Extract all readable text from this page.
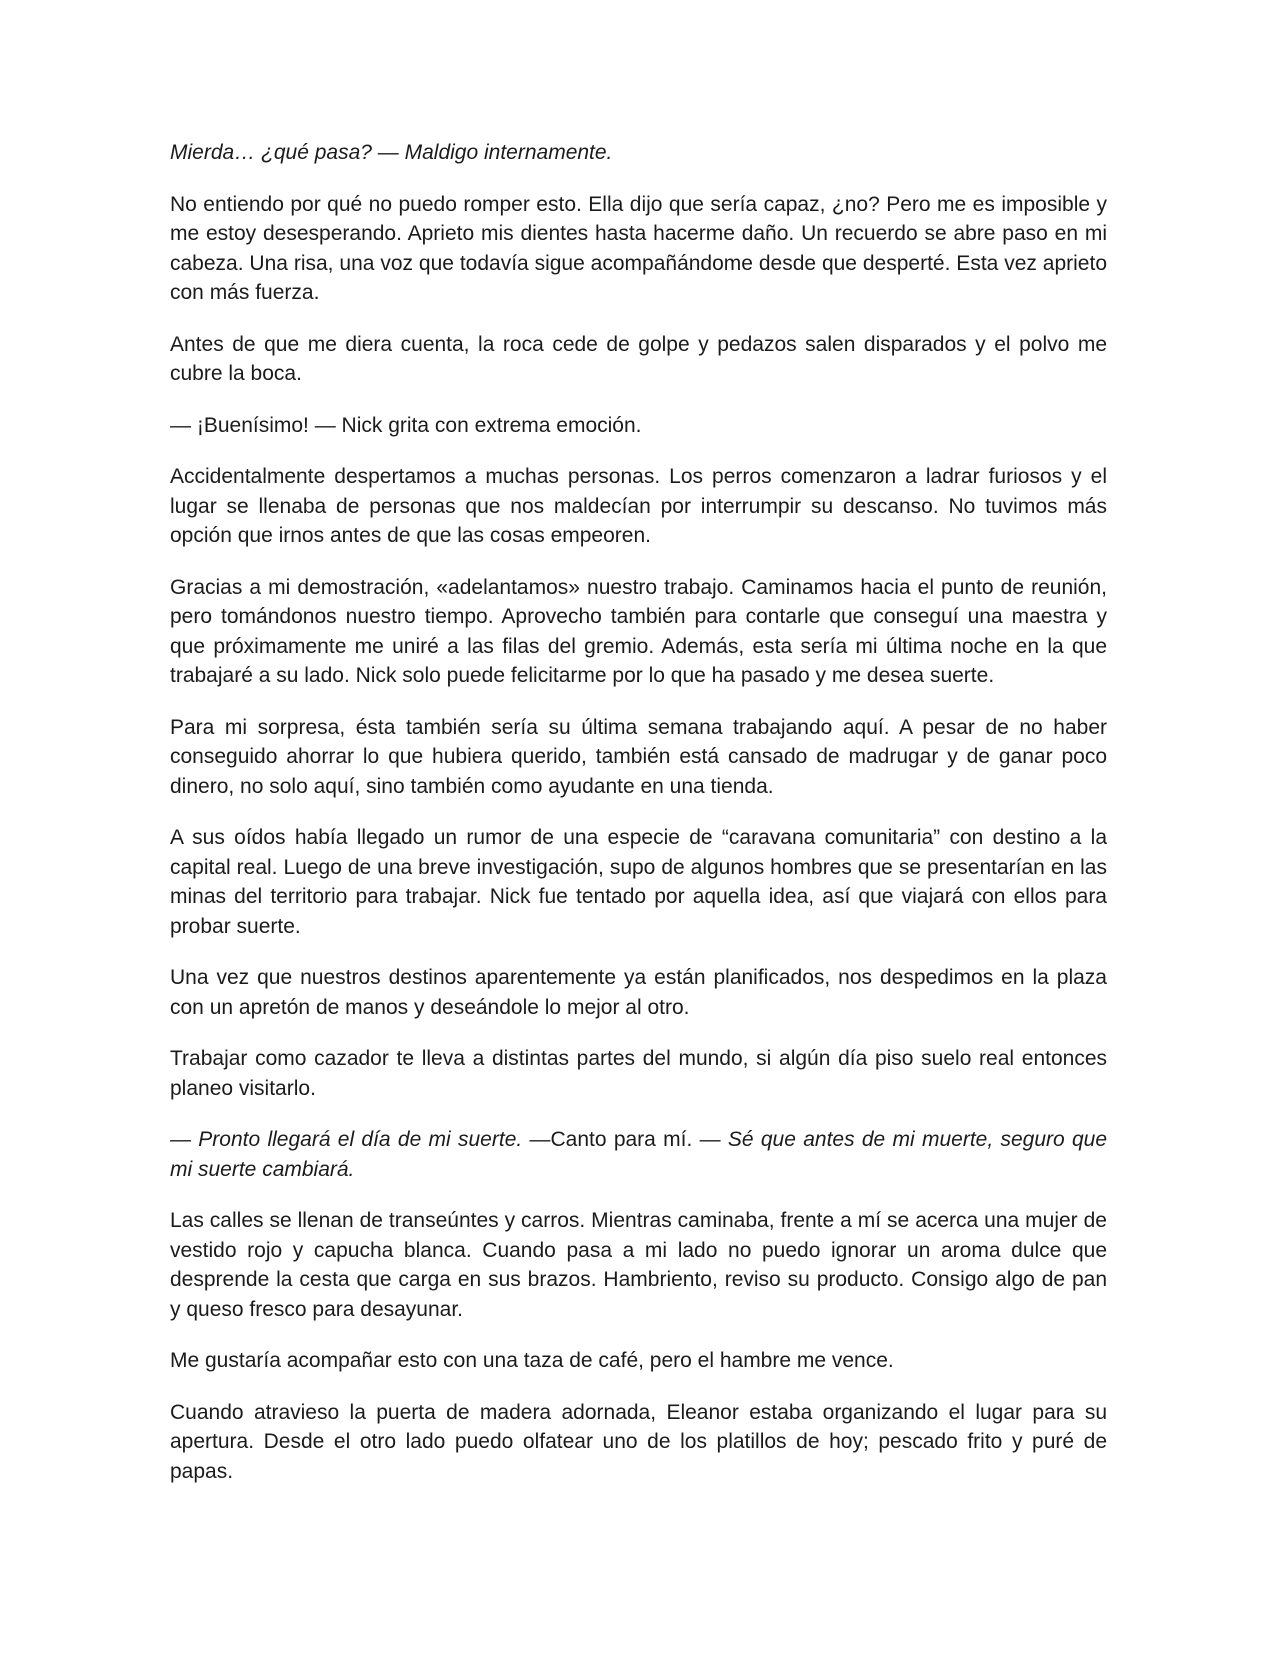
Mierda… ¿qué pasa? — Maldigo internamente.

No entiendo por qué no puedo romper esto. Ella dijo que sería capaz, ¿no? Pero me es imposible y me estoy desesperando. Aprieto mis dientes hasta hacerme daño. Un recuerdo se abre paso en mi cabeza. Una risa, una voz que todavía sigue acompañándome desde que desperté. Esta vez aprieto con más fuerza.

Antes de que me diera cuenta, la roca cede de golpe y pedazos salen disparados y el polvo me cubre la boca.

— ¡Buenísimo! — Nick grita con extrema emoción.

Accidentalmente despertamos a muchas personas. Los perros comenzaron a ladrar furiosos y el lugar se llenaba de personas que nos maldecían por interrumpir su descanso. No tuvimos más opción que irnos antes de que las cosas empeoren.

Gracias a mi demostración, «adelantamos» nuestro trabajo. Caminamos hacia el punto de reunión, pero tomándonos nuestro tiempo. Aprovecho también para contarle que conseguí una maestra y que próximamente me uniré a las filas del gremio. Además, esta sería mi última noche en la que trabajaré a su lado. Nick solo puede felicitarme por lo que ha pasado y me desea suerte.

Para mi sorpresa, ésta también sería su última semana trabajando aquí. A pesar de no haber conseguido ahorrar lo que hubiera querido, también está cansado de madrugar y de ganar poco dinero, no solo aquí, sino también como ayudante en una tienda.

A sus oídos había llegado un rumor de una especie de “caravana comunitaria” con destino a la capital real. Luego de una breve investigación, supo de algunos hombres que se presentarían en las minas del territorio para trabajar. Nick fue tentado por aquella idea, así que viajará con ellos para probar suerte.

Una vez que nuestros destinos aparentemente ya están planificados, nos despedimos en la plaza con un apretón de manos y deseándole lo mejor al otro.

Trabajar como cazador te lleva a distintas partes del mundo, si algún día piso suelo real entonces planeo visitarlo.

— Pronto llegará el día de mi suerte. —Canto para mí. — Sé que antes de mi muerte, seguro que mi suerte cambiará.

Las calles se llenan de transeúntes y carros. Mientras caminaba, frente a mí se acerca una mujer de vestido rojo y capucha blanca. Cuando pasa a mi lado no puedo ignorar un aroma dulce que desprende la cesta que carga en sus brazos. Hambriento, reviso su producto. Consigo algo de pan y queso fresco para desayunar.

Me gustaría acompañar esto con una taza de café, pero el hambre me vence.

Cuando atravieso la puerta de madera adornada, Eleanor estaba organizando el lugar para su apertura. Desde el otro lado puedo olfatear uno de los platillos de hoy; pescado frito y puré de papas.
